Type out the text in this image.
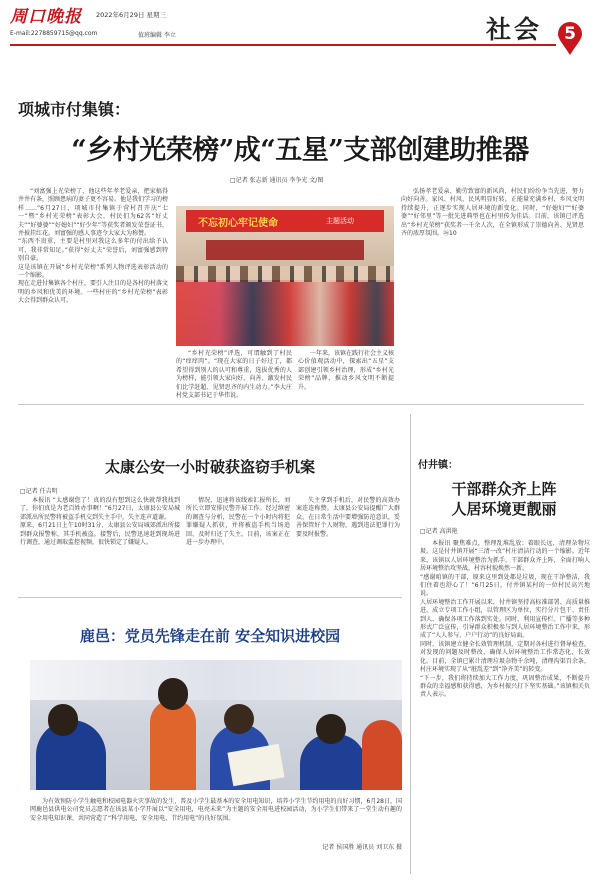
周口晚报 2022年6月29日 星期三
E-mail:2278859715@qq.com	值班编辑 李立	社会	5
项城市付集镇：
“乡村光荣榜”成“五星”支部创建助推器
□记者 张志新 通讯员 李争光 文/图

“刘富强上光荣榜了，他这些年孝老爱亲，把家搞得井井有条，照顾患病的妻子更不容易。他是我们学习的榜样……”6月27日，项城市付集镇于营村召开庆“七一”暨“乡村光荣榜”表彰大会，村民们为62名“好丈夫”“好婆婆”“好媳妇”“好少年”等获奖者颁发荣誉证书，并披挂红花。刘富强的感人事迹令大家大为称赞。
“东西不贵重，主要是村里对我这么多年的付出给予认可，我非常知足。”获得“好丈夫”荣誉后，刘富强感到特别自豪。
这是该镇在开展“乡村光荣榜”系列人物评选表彰活动的一个缩影。
现在走进付集镇各个村庄，要引人注目的是各村的村落文明的乡风和优美的环境。一些村庄的“乡村光荣榜”表彰大会得到群众认可。

不忘初心牢记使命	主题活动

“乡村光荣榜”评选，可谓触到了村民的“痒痒肉”。“现在大家的日子好过了，都希望得到别人的认可和尊重，选拔优秀的人为榜样，能引领大家向好、向善、激发村民们比学赶超、见贤思齐的内生动力。”李大庄村党支部书记于华伟说。

一年来，该镇在践行社会主义核心价值观活动中，探索出“五星”支部创建引领乡村治理，形成“乡村光荣榜”品牌，推动乡风文明不断提升。

弘扬孝老爱亲、勤劳致富的新风尚，村民们纷纷争当先进，努力向好向善。家风、村风、民风明显好转。正能量充满乡村，乡风文明持续提升，正逐步实现人居环境的新变化。同时，“好媳妇”“好婆婆”“好邻里”等一批先进典型也在村里传为佳话。目前，该镇已评选出“乡村光荣榜”获奖者一千余人次，在全镇形成了崇德向善、见贤思齐的浓厚氛围。㉖10

太康公安一小时破获盗窃手机案
□记者 任吉明

本报讯 “太感谢您了！真的没有想到这么快就帮我找到了，你们真是为老百姓办事啊！”6月27日，太康县公安局城郊派出所民警将被盗手机交到失主手中，失主连声道谢。
原来，6月21日上午10时31分，太康县公安局城郊派出所接到群众报警称，其手机被盗。接警后，民警迅速赶到现场进行调查，通过调取监控视频，很快锁定了嫌疑人。

情况，迅速将该线索汇报所长，刘所长立即安排民警开展工作。经过缜密的调查与分析，民警在一个小时内将犯罪嫌疑人抓获，并将被盗手机当场追回，及时归还了失主。目前，该案正在进一步办理中。

失主拿到手机后，对民警的高效办案连连称赞。太康县公安局提醒广大群众，在日常生活中要增强防范意识，妥善保管好个人财物，遇到违法犯罪行为要及时报警。

鹿邑：党员先锋走在前 安全知识进校园

为有效预防小学生触电和校园电器火灾事故的发生，普及小学生最基本的安全用电知识，培养小学生节约用电的良好习惯，6月28日，国网鹿邑县供电公司党员志愿者在该县某小学开展以“安全用电，电亮未来”为主题的安全用电进校园活动，为小学生们带来了一堂生动有趣的安全用电知识课，共同营造了“科学用电、安全用电、节约用电”的良好氛围。

记者 侯国胜 通讯员 刘卫东 摄
付井镇：
干部群众齐上阵
人居环境更靓丽
□记者 高洪艳

本报讯 聚焦难点，整理乱堆乱放；着眼长远，清理杂物垃圾。这是付井镇开展“三清一改”村庄清洁行动的一个缩影。近年来，该镇以人居环境整治为抓手，干部群众齐上阵，全面打响人居环境整治攻坚战，村容村貌焕然一新。
“感谢咱镇的干部，原来这里到处都是垃圾，现在干净整洁，我们住着也舒心了！”6月25日，付井镇某村的一位村民高兴地说。
人居环境整治工作开展以来，付井镇坚持高标准部署、高质量推进，成立专项工作小组，以管理区为单位，实行分片包干、责任到人，确保各项工作落到实处。同时，利用宣传栏、广播等多种形式广泛宣传，引导群众积极参与到人居环境整治工作中来，形成了“人人参与、户户行动”的良好局面。
同时，该镇建立健全长效管理机制，定期对各村进行督导检查，对发现的问题及时整改，确保人居环境整治工作常态化、长效化。目前，全镇已累计清理垃圾杂物千余吨，清理沟渠百余条，村庄环境实现了从“脏乱差”到“净齐美”的转变。
“下一步，我们将持续加大工作力度，巩固整治成果，不断提升群众的幸福感和获得感，为乡村振兴打下坚实基础。”该镇相关负责人表示。
